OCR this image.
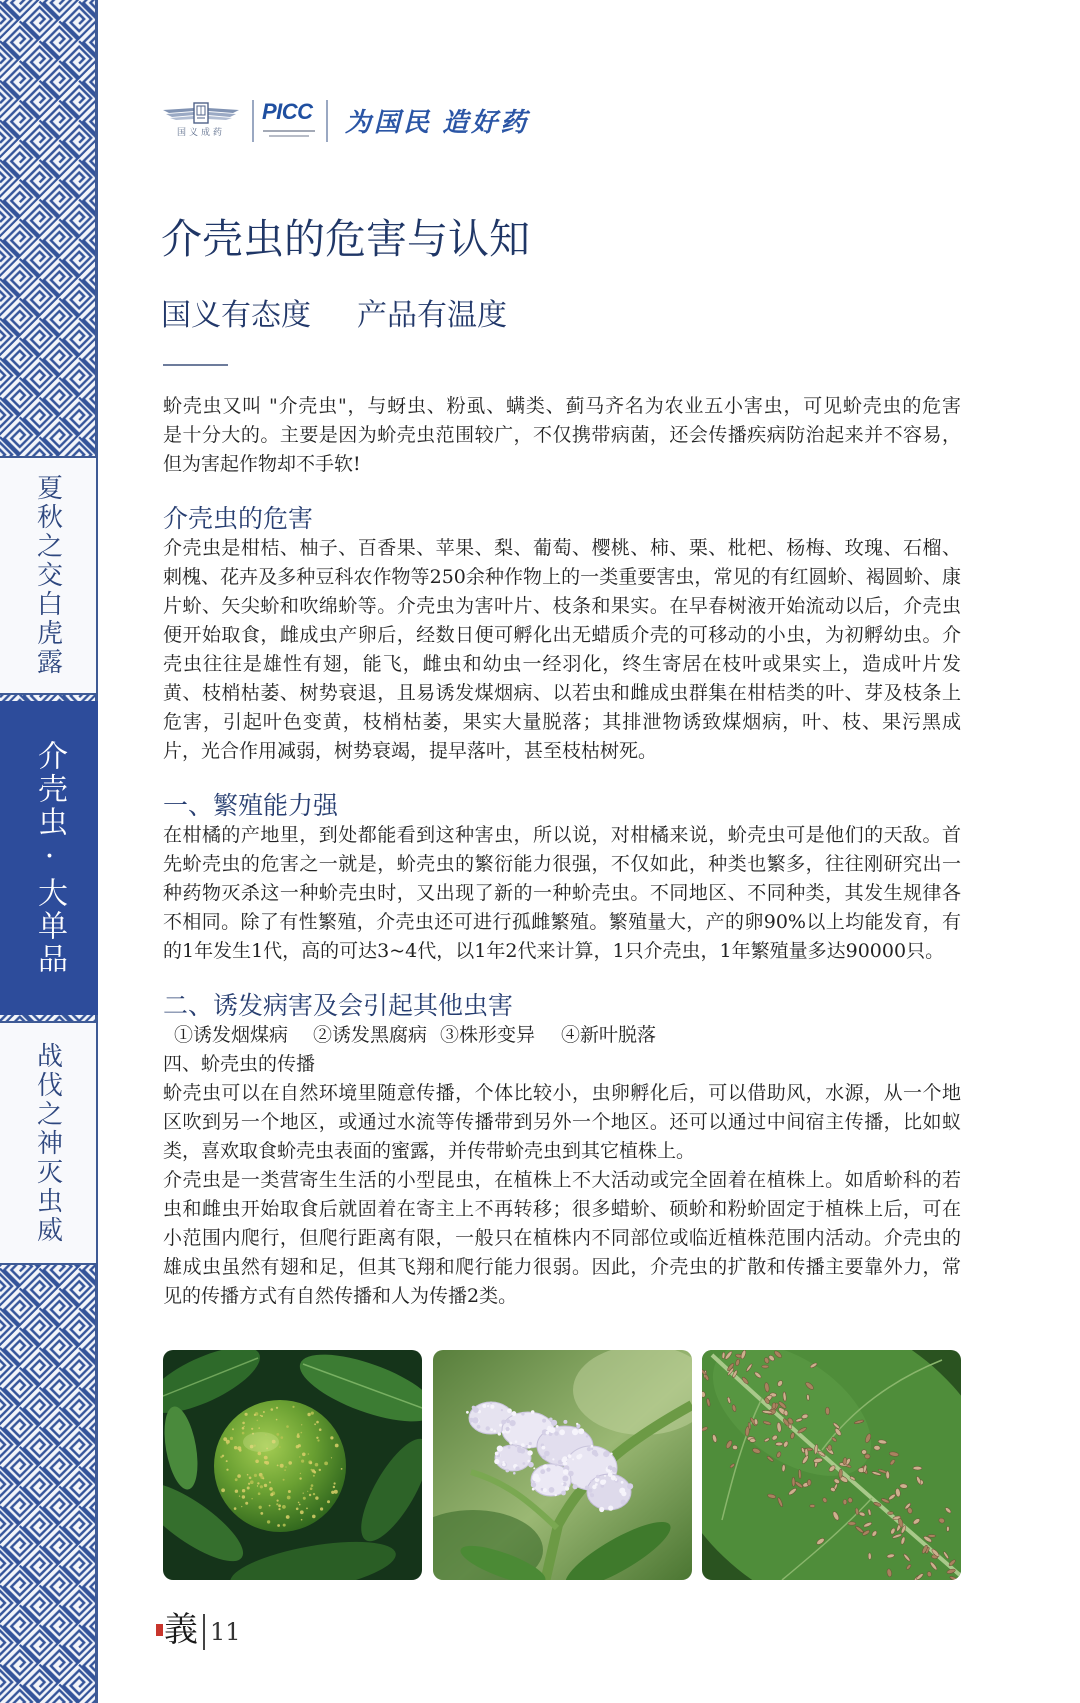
夏秋之交白虎露
介壳虫·大单品
战伐之神灭虫威
国义成药
PICC 为国民 造好药
介壳虫的危害与认知
国义有态度 产品有温度
蚧壳虫又叫 "介壳虫"，与蚜虫、粉虱、螨类、蓟马齐名为农业五小害虫，可见蚧壳虫的危害
是十分大的。主要是因为蚧壳虫范围较广，不仅携带病菌，还会传播疾病防治起来并不容易，
但为害起作物却不手软!
介壳虫的危害
介壳虫是柑桔、柚子、百香果、苹果、梨、葡萄、樱桃、柿、栗、枇杷、杨梅、玫瑰、石榴、
刺槐、花卉及多种豆科农作物等250余种作物上的一类重要害虫，常见的有红圆蚧、褐圆蚧、康
片蚧、矢尖蚧和吹绵蚧等。介壳虫为害叶片、枝条和果实。在早春树液开始流动以后，介壳虫
便开始取食，雌成虫产卵后，经数日便可孵化出无蜡质介壳的可移动的小虫，为初孵幼虫。介
壳虫往往是雄性有翅，能飞，雌虫和幼虫一经羽化，终生寄居在枝叶或果实上，造成叶片发
黄、枝梢枯萎、树势衰退，且易诱发煤烟病、以若虫和雌成虫群集在柑桔类的叶、芽及枝条上
危害，引起叶色变黄，枝梢枯萎，果实大量脱落；其排泄物诱致煤烟病，叶、枝、果污黑成
片，光合作用减弱，树势衰竭，提早落叶，甚至枝枯树死。
一、繁殖能力强
在柑橘的产地里，到处都能看到这种害虫，所以说，对柑橘来说，蚧壳虫可是他们的天敌。首
先蚧壳虫的危害之一就是，蚧壳虫的繁衍能力很强，不仅如此，种类也繁多，往往刚研究出一
种药物灭杀这一种蚧壳虫时，又出现了新的一种蚧壳虫。不同地区、不同种类，其发生规律各
不相同。除了有性繁殖，介壳虫还可进行孤雌繁殖。繁殖量大，产的卵90%以上均能发育，有
的1年发生1代，高的可达3~4代，以1年2代来计算，1只介壳虫，1年繁殖量多达90000只。
二、诱发病害及会引起其他虫害
①诱发烟煤病 ②诱发黑腐病 ③株形变异 ④新叶脱落
四、蚧壳虫的传播
蚧壳虫可以在自然环境里随意传播，个体比较小，虫卵孵化后，可以借助风，水源，从一个地
区吹到另一个地区，或通过水流等传播带到另外一个地区。还可以通过中间宿主传播，比如蚁
类，喜欢取食蚧壳虫表面的蜜露，并传带蚧壳虫到其它植株上。
介壳虫是一类营寄生生活的小型昆虫，在植株上不大活动或完全固着在植株上。如盾蚧科的若
虫和雌虫开始取食后就固着在寄主上不再转移；很多蜡蚧、硕蚧和粉蚧固定于植株上后，可在
小范围内爬行，但爬行距离有限，一般只在植株内不同部位或临近植株范围内活动。介壳虫的
雄成虫虽然有翅和足，但其飞翔和爬行能力很弱。因此，介壳虫的扩散和传播主要靠外力，常
见的传播方式有自然传播和人为传播2类。
義 11
